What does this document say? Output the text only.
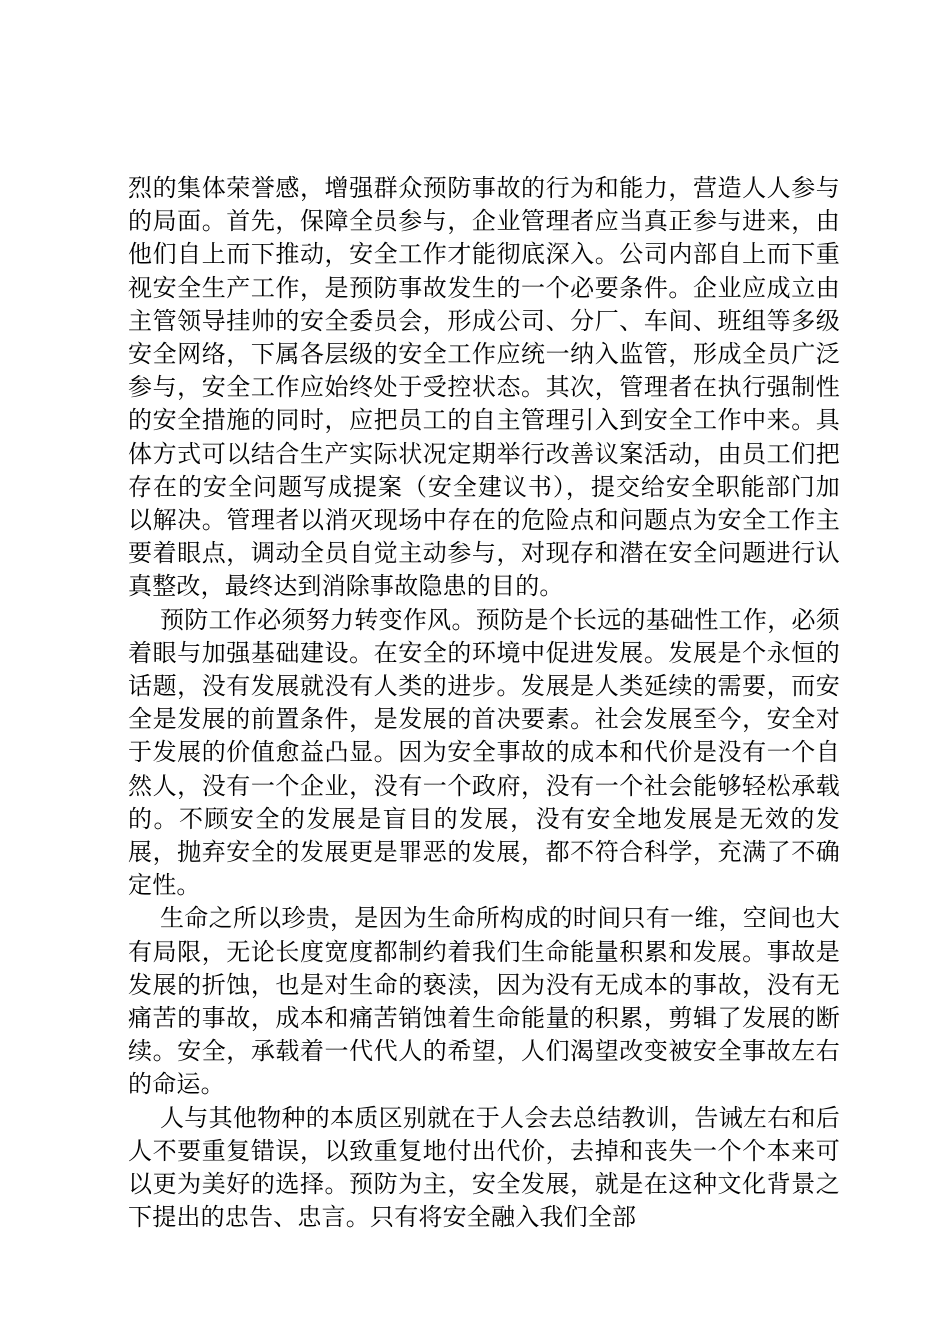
烈的集体荣誉感，增强群众预防事故的行为和能力，营造人人参与的局面。首先，保障全员参与，企业管理者应当真正参与进来，由他们自上而下推动，安全工作才能彻底深入。公司内部自上而下重视安全生产工作，是预防事故发生的一个必要条件。企业应成立由主管领导挂帅的安全委员会，形成公司、分厂、车间、班组等多级安全网络，下属各层级的安全工作应统一纳入监管，形成全员广泛参与，安全工作应始终处于受控状态。其次，管理者在执行强制性的安全措施的同时，应把员工的自主管理引入到安全工作中来。具体方式可以结合生产实际状况定期举行改善议案活动，由员工们把存在的安全问题写成提案（安全建议书），提交给安全职能部门加以解决。管理者以消灭现场中存在的危险点和问题点为安全工作主要着眼点，调动全员自觉主动参与，对现存和潜在安全问题进行认真整改，最终达到消除事故隐患的目的。

预防工作必须努力转变作风。预防是个长远的基础性工作，必须着眼与加强基础建设。在安全的环境中促进发展。发展是个永恒的话题，没有发展就没有人类的进步。发展是人类延续的需要，而安全是发展的前置条件，是发展的首决要素。社会发展至今，安全对于发展的价值愈益凸显。因为安全事故的成本和代价是没有一个自然人，没有一个企业，没有一个政府，没有一个社会能够轻松承载的。不顾安全的发展是盲目的发展，没有安全地发展是无效的发展，抛弃安全的发展更是罪恶的发展，都不符合科学，充满了不确定性。

生命之所以珍贵，是因为生命所构成的时间只有一维，空间也大有局限，无论长度宽度都制约着我们生命能量积累和发展。事故是发展的折蚀，也是对生命的亵渎，因为没有无成本的事故，没有无痛苦的事故，成本和痛苦销蚀着生命能量的积累，剪辑了发展的断续。安全，承载着一代代人的希望，人们渴望改变被安全事故左右的命运。

人与其他物种的本质区别就在于人会去总结教训，告诫左右和后人不要重复错误，以致重复地付出代价，去掉和丧失一个个本来可以更为美好的选择。预防为主，安全发展，就是在这种文化背景之下提出的忠告、忠言。只有将安全融入我们全部
